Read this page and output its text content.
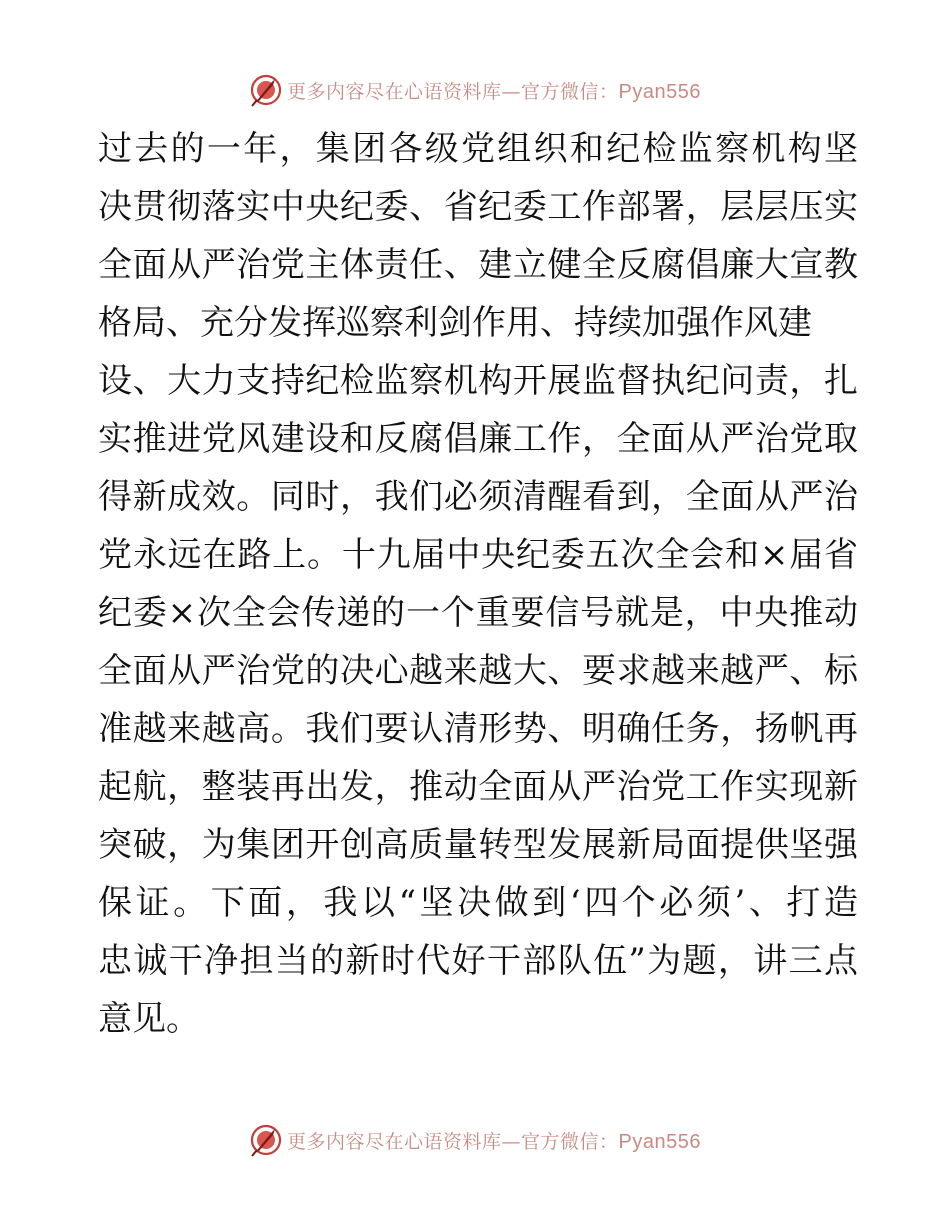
更多内容尽在心语资料库—官方微信：Pyan556
过去的一年，集团各级党组织和纪检监察机构坚
决贯彻落实中央纪委、省纪委工作部署，层层压实
全面从严治党主体责任、建立健全反腐倡廉大宣教
格局、充分发挥巡察利剑作用、持续加强作风建
设、大力支持纪检监察机构开展监督执纪问责，扎
实推进党风建设和反腐倡廉工作，全面从严治党取
得新成效。同时，我们必须清醒看到，全面从严治
党永远在路上。十九届中央纪委五次全会和×届省
纪委×次全会传递的一个重要信号就是，中央推动
全面从严治党的决心越来越大、要求越来越严、标
准越来越高。我们要认清形势、明确任务，扬帆再
起航，整装再出发，推动全面从严治党工作实现新
突破，为集团开创高质量转型发展新局面提供坚强
保证。下面，我以“坚决做到‘四个必须’、打造
忠诚干净担当的新时代好干部队伍”为题，讲三点
意见。
更多内容尽在心语资料库—官方微信：Pyan556
